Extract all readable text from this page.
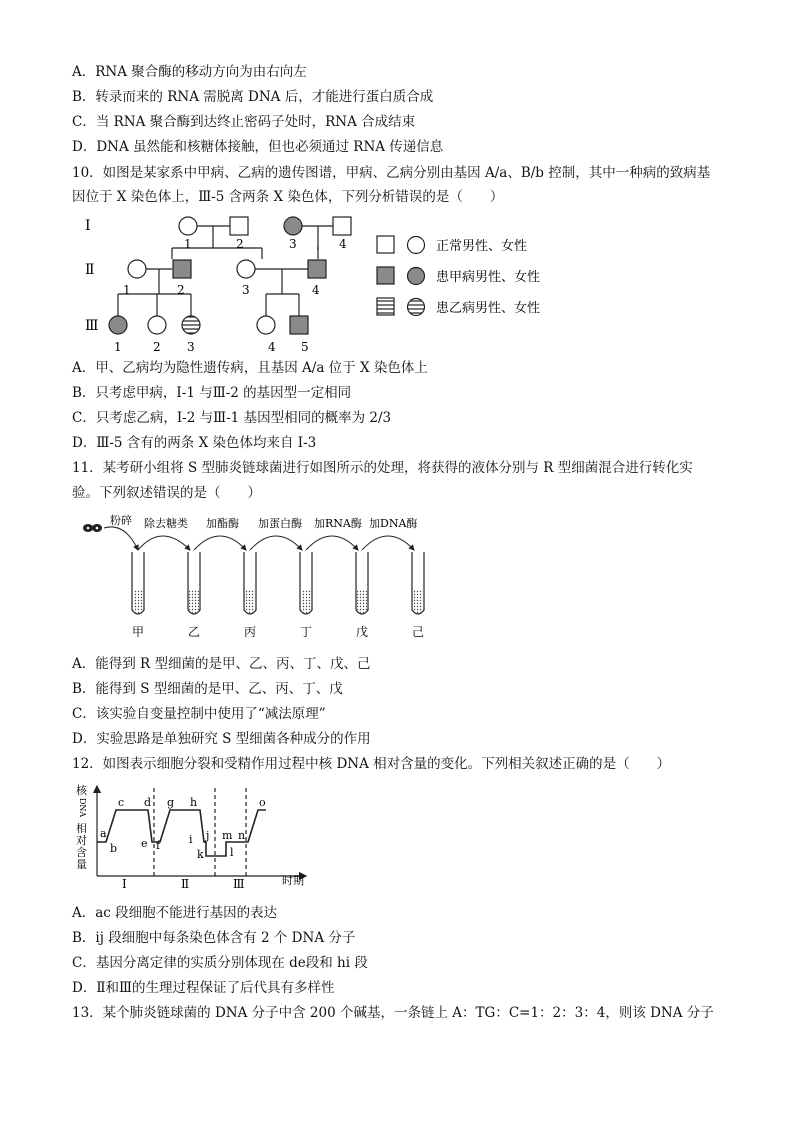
A．RNA 聚合酶的移动方向为由右向左
B．转录而来的 RNA 需脱离 DNA 后，才能进行蛋白质合成
C．当 RNA 聚合酶到达终止密码子处时，RNA 合成结束
D．DNA 虽然能和核糖体接触，但也必须通过 RNA 传递信息
10．如图是某家系中甲病、乙病的遗传图谱，甲病、乙病分别由基因 A/a、B/b 控制，其中一种病的致病基
因位于 X 染色体上，Ⅲ-5 含两条 X 染色体，下列分析错误的是（　　）
Ⅰ
Ⅱ
Ⅲ
1	2	3	4
1	2	3	4
1	2 3	4 5
正常男性、女性
患甲病男性、女性
患乙病男性、女性
A．甲、乙病均为隐性遗传病，且基因 A/a 位于 X 染色体上
B．只考虑甲病，Ⅰ-1 与Ⅲ-2 的基因型一定相同
C．只考虑乙病，Ⅰ-2 与Ⅲ-1 基因型相同的概率为 2/3
D．Ⅲ-5 含有的两条 X 染色体均来自 Ⅰ-3
11．某考研小组将 S 型肺炎链球菌进行如图所示的处理，将获得的液体分别与 R 型细菌混合进行转化实
验。下列叙述错误的是（　　）
粉碎 除去糖类 加酯酶 加蛋白酶 加RNA酶 加DNA酶
甲	乙	丙	丁	戊	己
A．能得到 R 型细菌的是甲、乙、丙、丁、戊、己
B．能得到 S 型细菌的是甲、乙、丙、丁、戊
C．该实验自变量控制中使用了“减法原理”
D．实验思路是单独研究 S 型细菌各种成分的作用
12．如图表示细胞分裂和受精作用过程中核 DNA 相对含量的变化。下列相关叙述正确的是（　　）
核
DNA
相
对
含
量
a
b
c d
e f
g h
i j
k l
m n
o
Ⅰ	Ⅱ	Ⅲ	时期
A．ac 段细胞不能进行基因的表达
B．ij 段细胞中每条染色体含有 2 个 DNA 分子
C．基因分离定律的实质分别体现在 de段和 hi 段
D．Ⅱ和Ⅲ的生理过程保证了后代具有多样性
13．某个肺炎链球菌的 DNA 分子中含 200 个碱基，一条链上 A：TG：C=1：2：3：4，则该 DNA 分子
